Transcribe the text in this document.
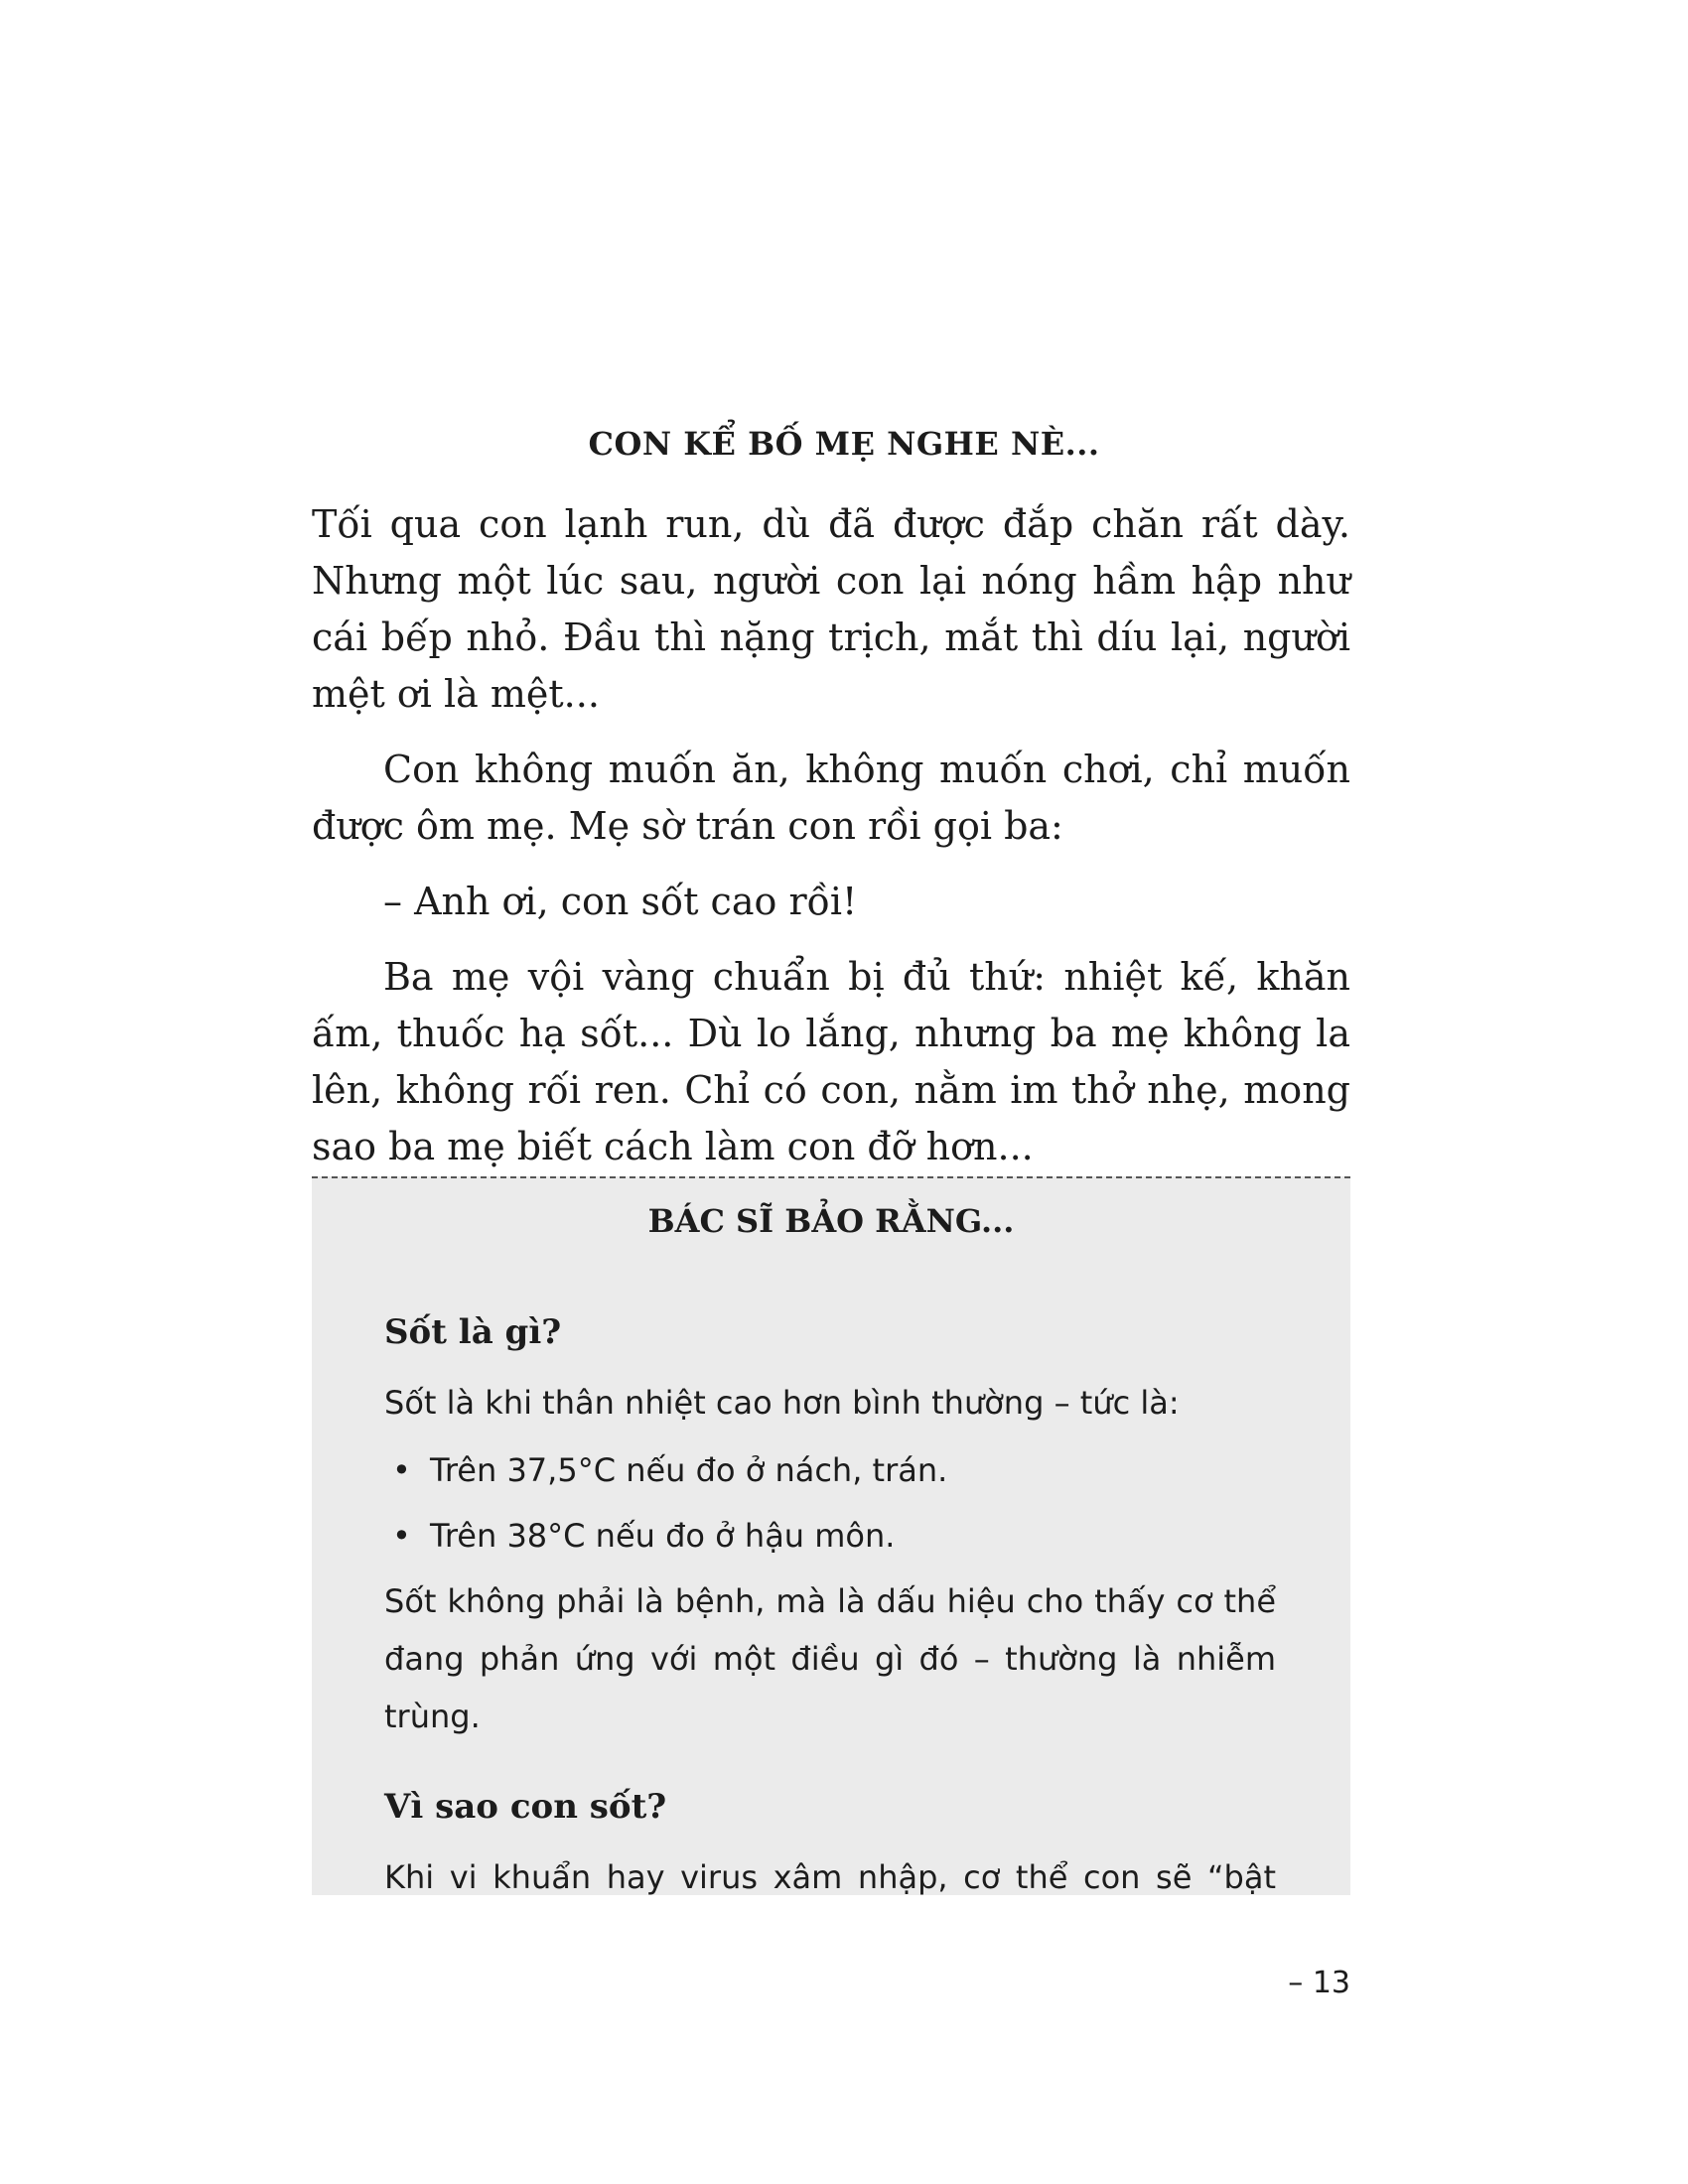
CON KỂ BỐ MẸ NGHE NÈ...

Tối qua con lạnh run, dù đã được đắp chăn rất dày. Nhưng một lúc sau, người con lại nóng hầm hập như cái bếp nhỏ. Đầu thì nặng trịch, mắt thì díu lại, người mệt ơi là mệt...

Con không muốn ăn, không muốn chơi, chỉ muốn được ôm mẹ. Mẹ sờ trán con rồi gọi ba:

– Anh ơi, con sốt cao rồi!

Ba mẹ vội vàng chuẩn bị đủ thứ: nhiệt kế, khăn ấm, thuốc hạ sốt... Dù lo lắng, nhưng ba mẹ không la lên, không rối ren. Chỉ có con, nằm im thở nhẹ, mong sao ba mẹ biết cách làm con đỡ hơn...

BÁC SĨ BẢO RẰNG...
Sốt là gì?

Sốt là khi thân nhiệt cao hơn bình thường – tức là:

• Trên 37,5°C nếu đo ở nách, trán.
• Trên 38°C nếu đo ở hậu môn.

Sốt không phải là bệnh, mà là dấu hiệu cho thấy cơ thể đang phản ứng với một điều gì đó – thường là nhiễm trùng.

Vì sao con sốt?

Khi vi khuẩn hay virus xâm nhập, cơ thể con sẽ “bật

– 13
